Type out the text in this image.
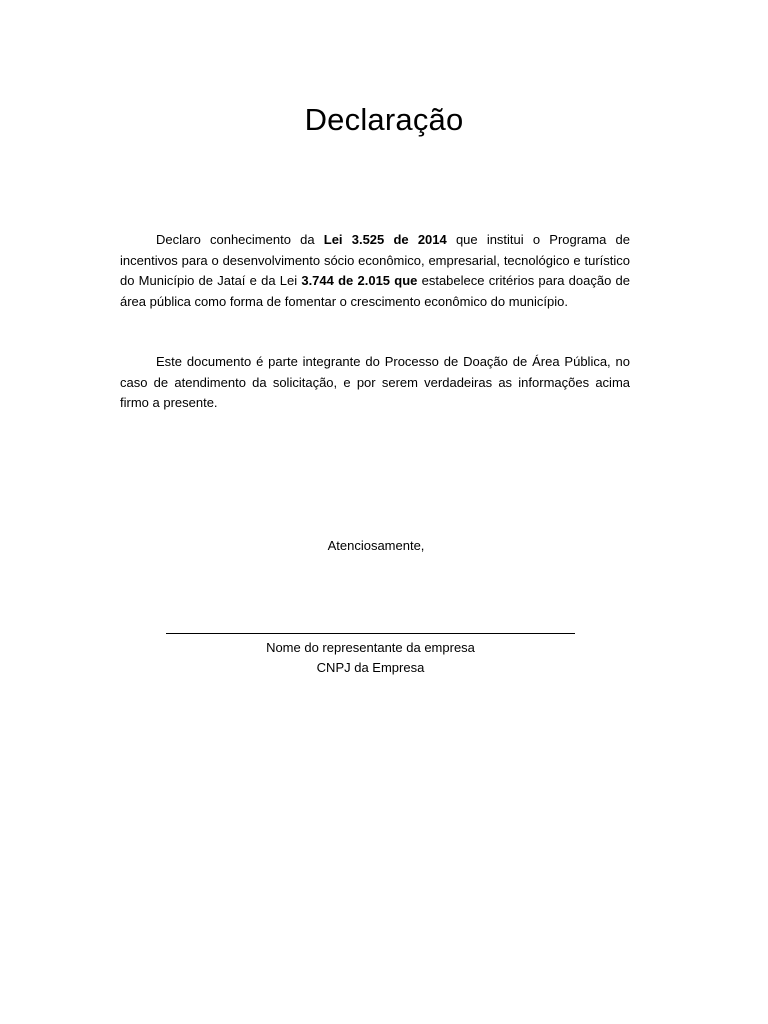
Declaração

Declaro conhecimento da Lei 3.525 de 2014 que institui o Programa de incentivos para o desenvolvimento sócio econômico, empresarial, tecnológico e turístico do Município de Jataí e da Lei 3.744 de 2.015 que estabelece critérios para doação de área pública como forma de fomentar o crescimento econômico do município.

Este documento é parte integrante do Processo de Doação de Área Pública, no caso de atendimento da solicitação, e por serem verdadeiras as informações acima firmo a presente.

Atenciosamente,
Nome do representante da empresa
CNPJ da Empresa
